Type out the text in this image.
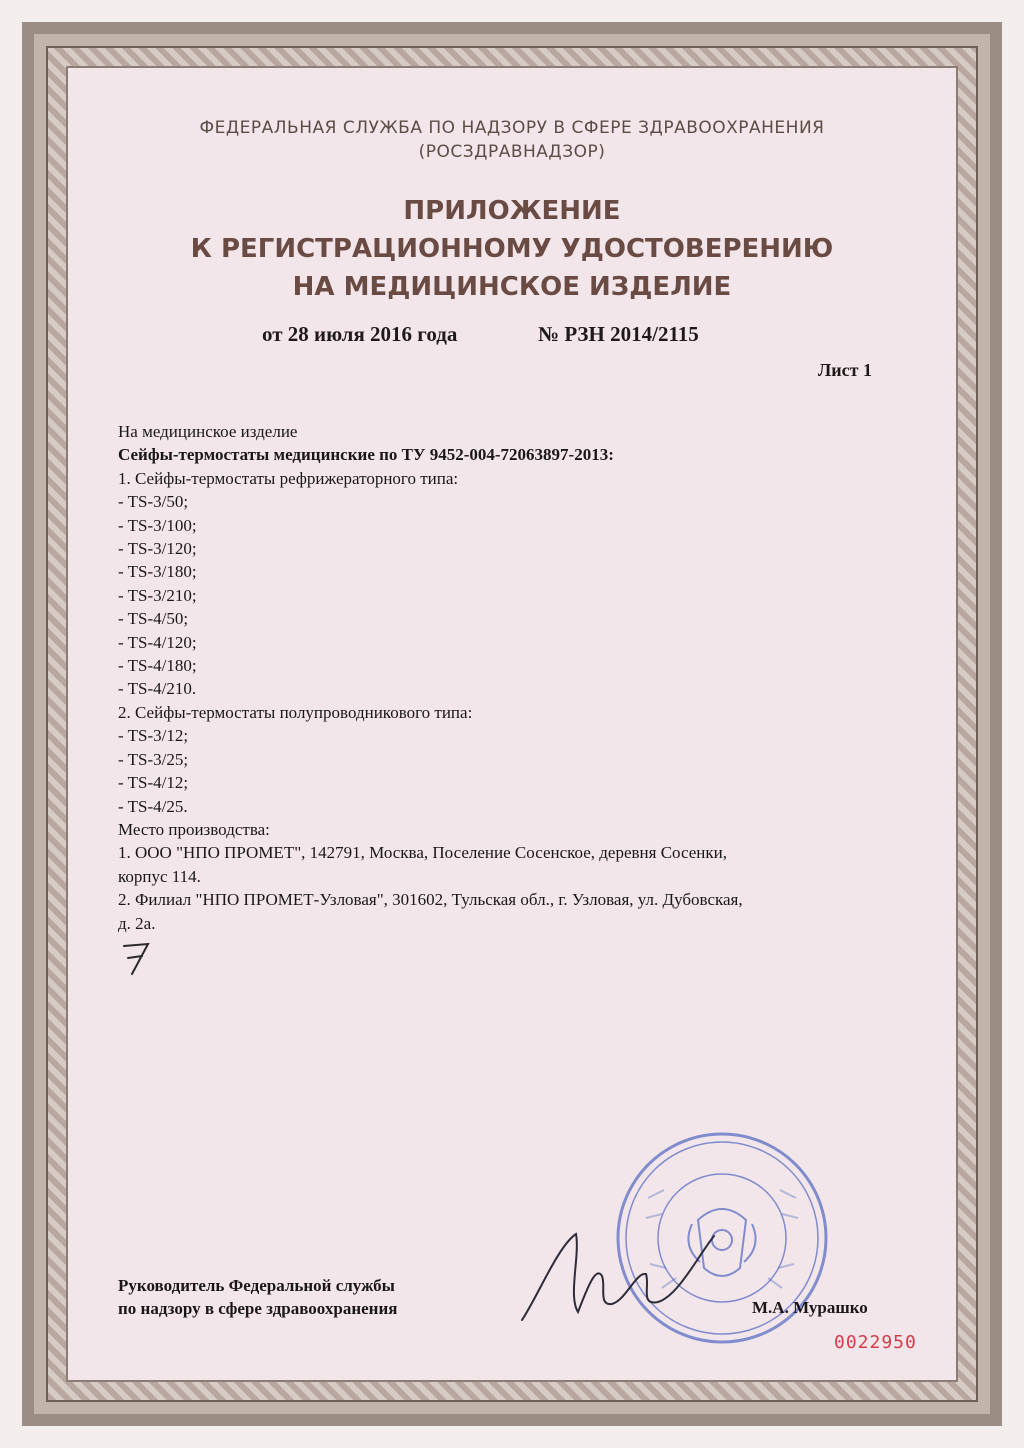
ФЕДЕРАЛЬНАЯ СЛУЖБА ПО НАДЗОРУ В СФЕРЕ ЗДРАВООХРАНЕНИЯ
(РОСЗДРАВНАДЗОР)
ПРИЛОЖЕНИЕ
К РЕГИСТРАЦИОННОМУ УДОСТОВЕРЕНИЮ
НА МЕДИЦИНСКОЕ ИЗДЕЛИЕ
от 28 июля 2016 года	№ РЗН 2014/2115
Лист 1
На медицинское изделие
Сейфы-термостаты медицинские по ТУ 9452-004-72063897-2013:
1. Сейфы-термостаты рефрижераторного типа:
- TS-3/50;
- TS-3/100;
- TS-3/120;
- TS-3/180;
- TS-3/210;
- TS-4/50;
- TS-4/120;
- TS-4/180;
- TS-4/210.
2. Сейфы-термостаты полупроводникового типа:
- TS-3/12;
- TS-3/25;
- TS-4/12;
- TS-4/25.
Место производства:
1. ООО "НПО ПРОМЕТ", 142791, Москва, Поселение Сосенское, деревня Сосенки,
корпус 114.
2. Филиал "НПО ПРОМЕТ-Узловая", 301602, Тульская обл., г. Узловая, ул. Дубовская,
д. 2а.
Руководитель Федеральной службы
по надзору в сфере здравоохранения	М.А. Мурашко
0022950
